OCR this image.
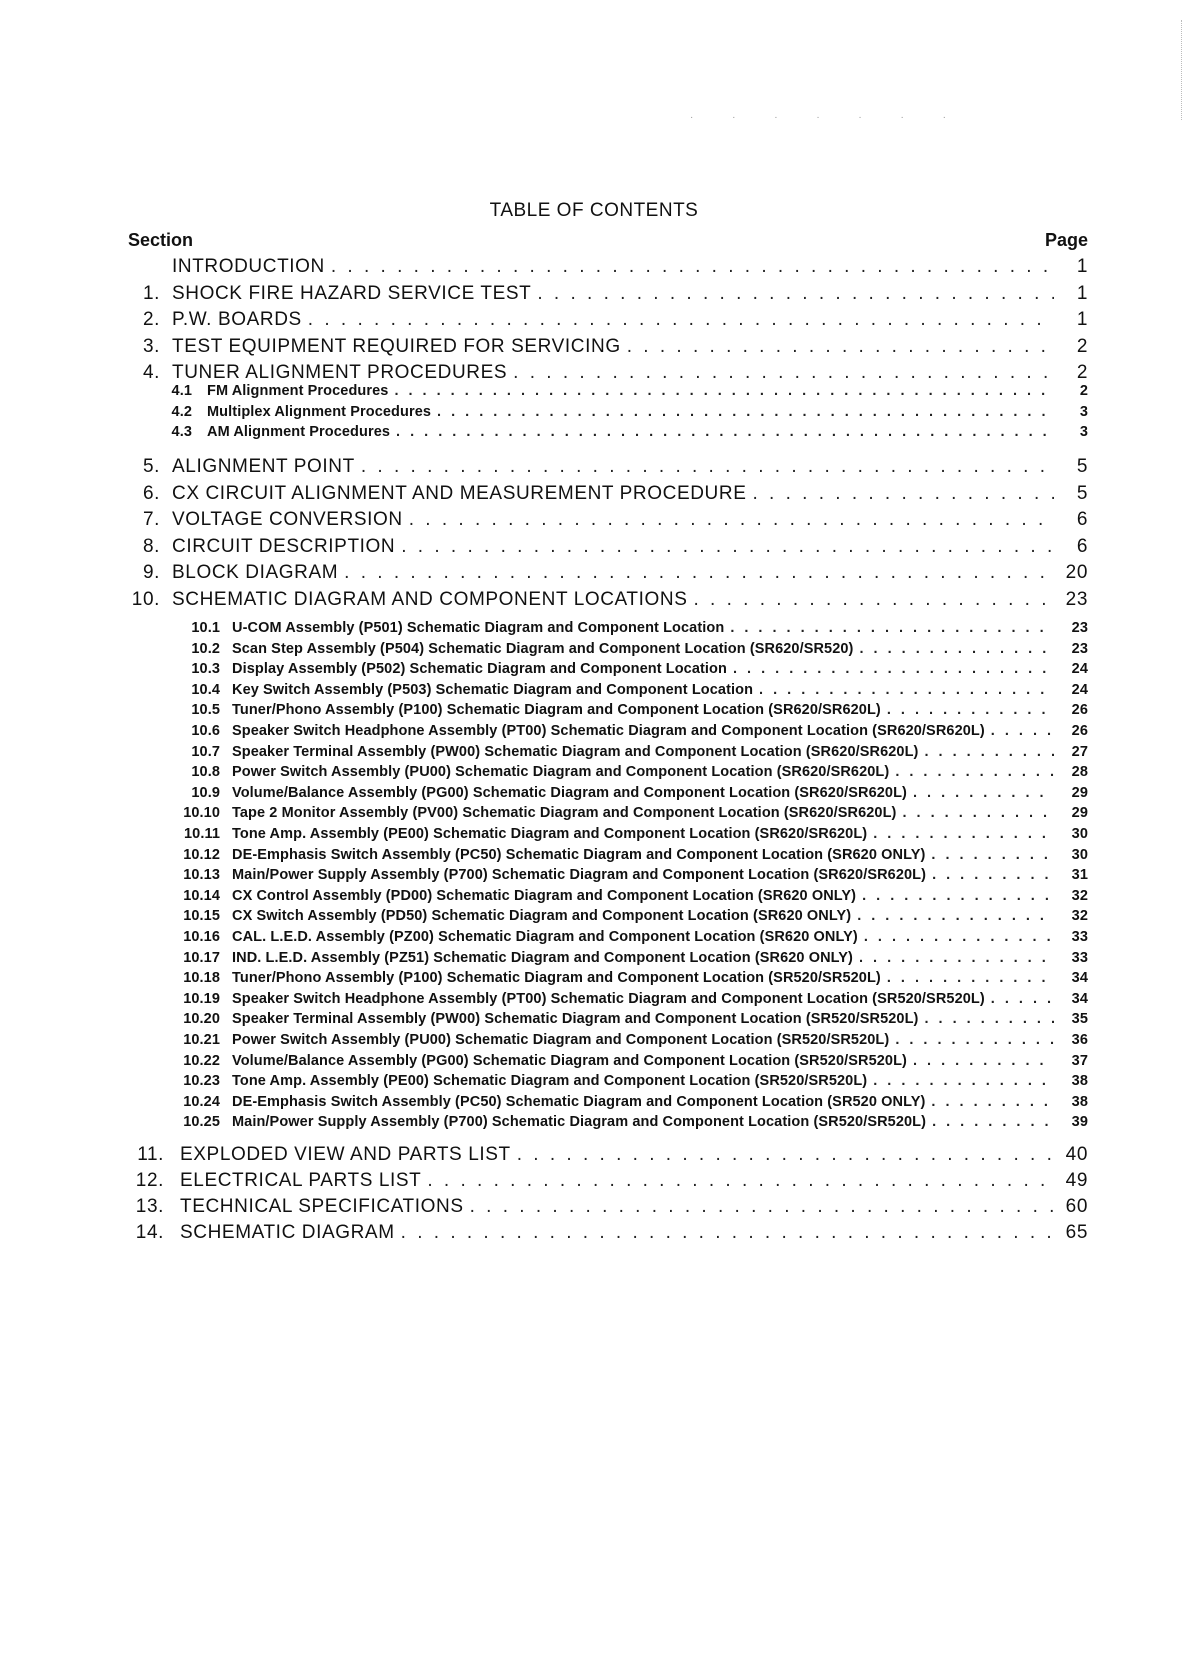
· · · · · · ·
TABLE OF CONTENTS
Section	Page
INTRODUCTION . . .	1
1. SHOCK FIRE HAZARD SERVICE TEST . . .	1
2. P.W. BOARDS . . .	1
3. TEST EQUIPMENT REQUIRED FOR SERVICING . . .	2
4. TUNER ALIGNMENT PROCEDURES . . .	2
4.1 FM Alignment Procedures . . .	2
4.2 Multiplex Alignment Procedures . . .	3
4.3 AM Alignment Procedures . . .	3
5. ALIGNMENT POINT . . .	5
6. CX CIRCUIT ALIGNMENT AND MEASUREMENT PROCEDURE . . .	5
7. VOLTAGE CONVERSION . . .	6
8. CIRCUIT DESCRIPTION . . .	6
9. BLOCK DIAGRAM . . .	20
10. SCHEMATIC DIAGRAM AND COMPONENT LOCATIONS . . .	23
10.1 U-COM Assembly (P501) Schematic Diagram and Component Location . . .	23
10.2 Scan Step Assembly (P504) Schematic Diagram and Component Location (SR620/SR520) . . .	23
10.3 Display Assembly (P502) Schematic Diagram and Component Location . . .	24
10.4 Key Switch Assembly (P503) Schematic Diagram and Component Location . . .	24
10.5 Tuner/Phono Assembly (P100) Schematic Diagram and Component Location (SR620/SR620L) . . .	26
10.6 Speaker Switch Headphone Assembly (PT00) Schematic Diagram and Component Location (SR620/SR620L) . . .	26
10.7 Speaker Terminal Assembly (PW00) Schematic Diagram and Component Location (SR620/SR620L) . . .	27
10.8 Power Switch Assembly (PU00) Schematic Diagram and Component Location (SR620/SR620L) . . .	28
10.9 Volume/Balance Assembly (PG00) Schematic Diagram and Component Location (SR620/SR620L) . . .	29
10.10 Tape 2 Monitor Assembly (PV00) Schematic Diagram and Component Location (SR620/SR620L) . . .	29
10.11 Tone Amp. Assembly (PE00) Schematic Diagram and Component Location (SR620/SR620L) . . .	30
10.12 DE-Emphasis Switch Assembly (PC50) Schematic Diagram and Component Location (SR620 ONLY) . . .	30
10.13 Main/Power Supply Assembly (P700) Schematic Diagram and Component Location (SR620/SR620L) . . .	31
10.14 CX Control Assembly (PD00) Schematic Diagram and Component Location (SR620 ONLY) . . .	32
10.15 CX Switch Assembly (PD50) Schematic Diagram and Component Location (SR620 ONLY) . . .	32
10.16 CAL. L.E.D. Assembly (PZ00) Schematic Diagram and Component Location (SR620 ONLY) . . .	33
10.17 IND. L.E.D. Assembly (PZ51) Schematic Diagram and Component Location (SR620 ONLY) . . .	33
10.18 Tuner/Phono Assembly (P100) Schematic Diagram and Component Location (SR520/SR520L) . . .	34
10.19 Speaker Switch Headphone Assembly (PT00) Schematic Diagram and Component Location (SR520/SR520L) . . .	34
10.20 Speaker Terminal Assembly (PW00) Schematic Diagram and Component Location (SR520/SR520L) . . .	35
10.21 Power Switch Assembly (PU00) Schematic Diagram and Component Location (SR520/SR520L) . . .	36
10.22 Volume/Balance Assembly (PG00) Schematic Diagram and Component Location (SR520/SR520L) . . .	37
10.23 Tone Amp. Assembly (PE00) Schematic Diagram and Component Location (SR520/SR520L) . . .	38
10.24 DE-Emphasis Switch Assembly (PC50) Schematic Diagram and Component Location (SR520 ONLY) . . .	38
10.25 Main/Power Supply Assembly (P700) Schematic Diagram and Component Location (SR520/SR520L) . . .	39
11. EXPLODED VIEW AND PARTS LIST . . .	40
12. ELECTRICAL PARTS LIST . . .	49
13. TECHNICAL SPECIFICATIONS . . .	60
14. SCHEMATIC DIAGRAM . . .	65
